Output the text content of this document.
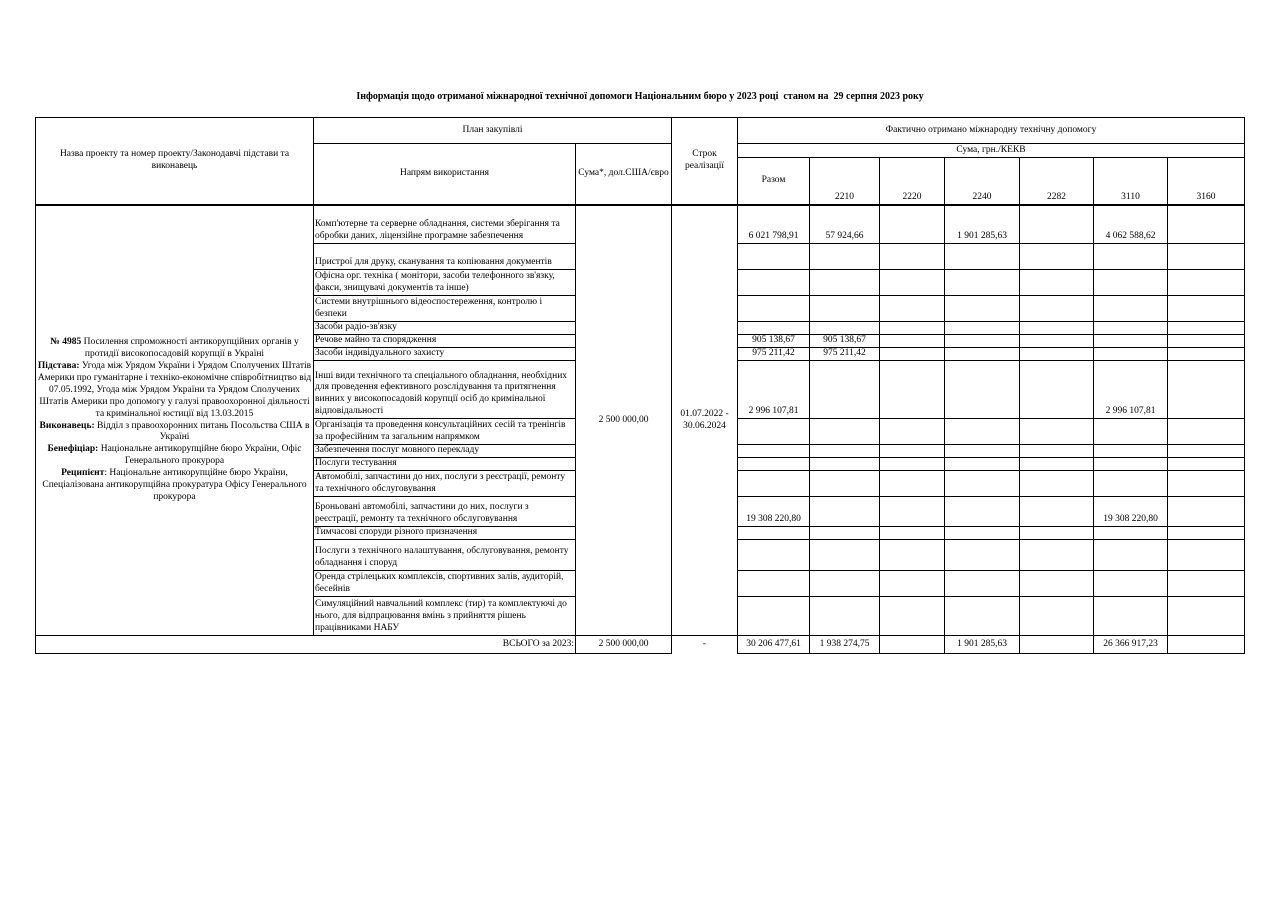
Інформація щодо отриманої міжнародної технічної допомоги Національним бюро у 2023 році  станом на  29 серпня 2023 року
Назва проекту та номер проекту/Законодавчі підстави та виконавець	План закупівлі		Строк реалізації	Фактично отримано міжнародну технічну допомогу						
	Напрям використання	Сума*, дол.США/євро		Сума, грн./КЕКВ						
				Разом	2210	2220	2240	2282	3110	3160

№ 4985 Посилення спроможності антикорупційних органів у протидії високопосадовій корупції в Україні
Підстава: Угода між Урядом України і Урядом Сполучених Штатів Америки про гуманітарне і техніко-економічне співробітництво від 07.05.1992, Угода між Урядом України та Урядом Сполучених Штатів Америки про допомогу у галузі правоохоронної діяльності та кримінальної юстиції від 13.03.2015
Виконавець: Відділ з правоохоронних питань Посольства США в Україні
Бенефіціар: Національне антикорупційне бюро України, Офіс Генерального прокурора
Реципієнт: Національне антикорупційне бюро України, Спеціалізована антикорупційна прокуратура Офісу Генерального прокурора	Комп'ютерне та серверне обладнання, системи зберігання та обробки даних, ліцензійне програмне забезпечення	2 500 000,00	01.07.2022 - 30.06.2024	6 021 798,91	57 924,66		1 901 285,63		4 062 588,62	
	Пристрої для друку, сканування та копіювання документів									
	Офісна орг. техніка ( монітори, засоби телефонного зв'язку, факси, знищувачі документів та інше)									
	Системи внутрішнього відеоспостереження, контролю і безпеки									
	Засоби радіо-зв'язку									
	Речове майно та спорядження			905 138,67	905 138,67					
	Засоби індивідуального захисту			975 211,42	975 211,42					
	Інші види технічного та спеціального обладнання, необхідних для проведення ефективного розслідування та притягнення винних у високопосадовій корупції осіб до кримінальної відповідальності			2 996 107,81					2 996 107,81	
	Організація та проведення консультаційних сесій та тренінгів за професійним та загальним напрямком									
	Забезпечення послуг мовного перекладу									
	Послуги тестування									
	Автомобілі, запчастини до них, послуги з реєстрації, ремонту та технічного обслуговування									
	Броньовані автомобілі, запчастини до них, послуги з реєстрації, ремонту та технічного обслуговування			19 308 220,80					19 308 220,80	
	Тимчасові споруди різного призначення									
	Послуги з технічного налаштування, обслуговування, ремонту обладнання і споруд									
	Оренда стрілецьких комплексів, спортивних залів, аудиторій, бесейнів									
	Симуляційний навчальний комплекс (тир) та комплектуючі до нього, для відпрацювання вмінь з прийняття рішень працівниками НАБУ									
ВСЬОГО за 2023:		2 500 000,00	-	30 206 477,61	1 938 274,75		1 901 285,63		26 366 917,23	
